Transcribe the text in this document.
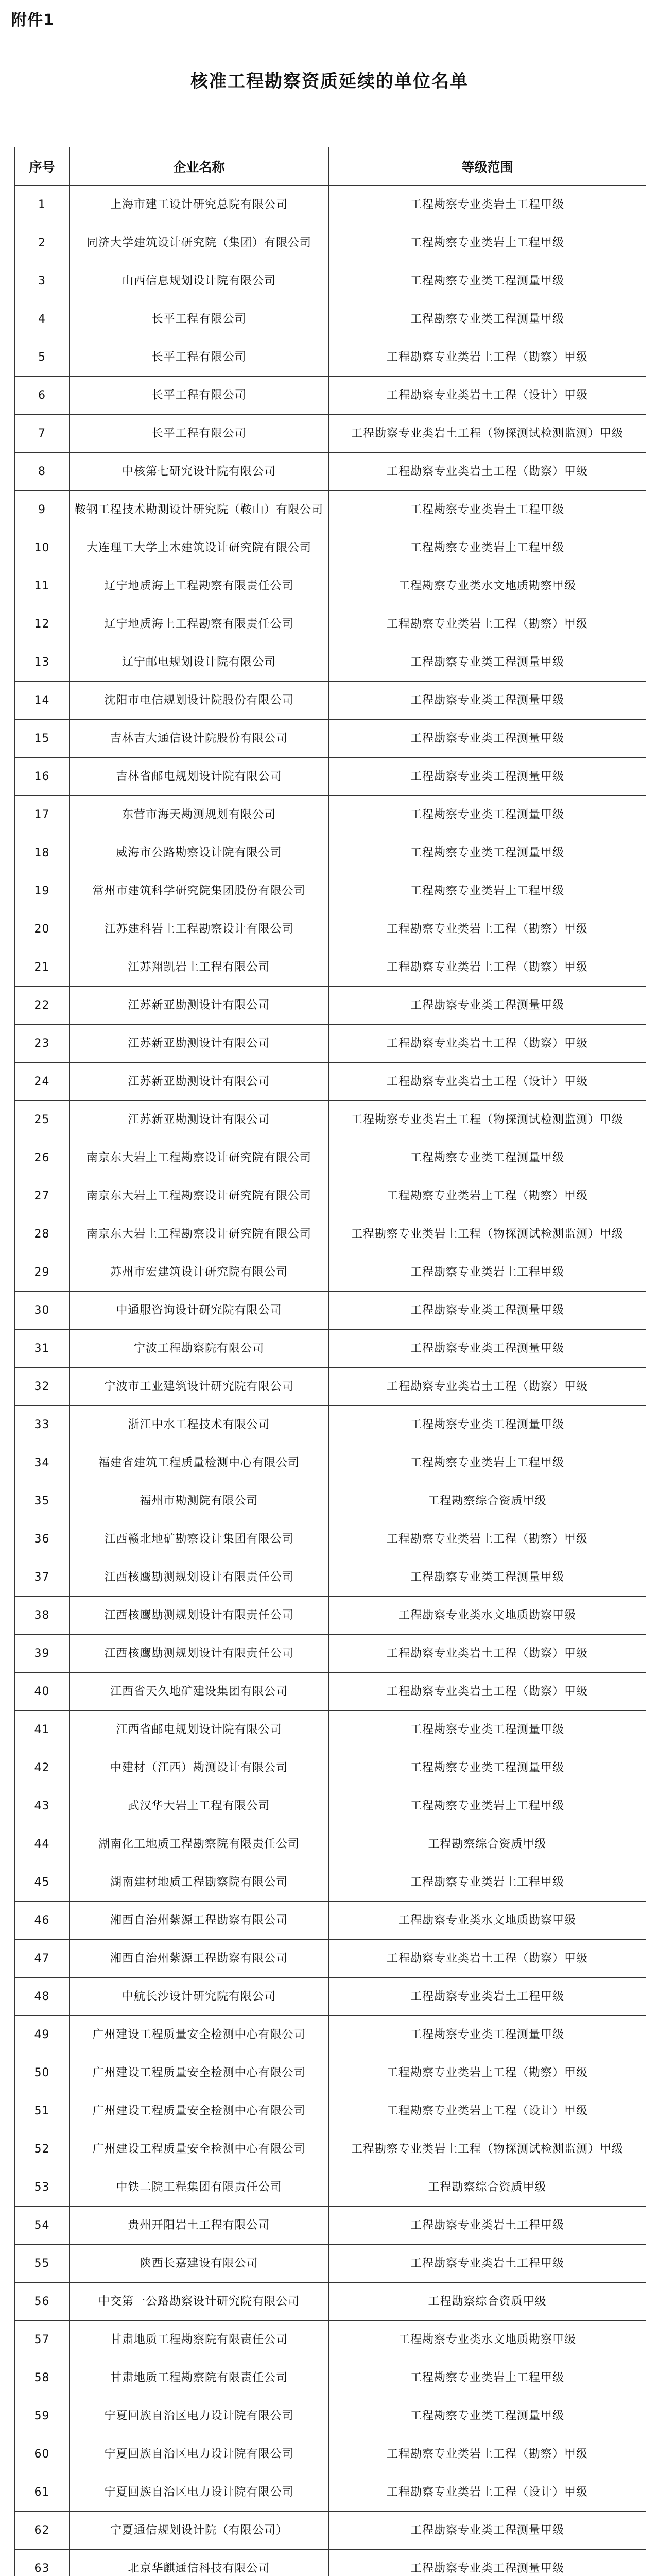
附件1
核准工程勘察资质延续的单位名单
序号	企业名称	等级范围
1	上海市建工设计研究总院有限公司	工程勘察专业类岩土工程甲级
2	同济大学建筑设计研究院（集团）有限公司	工程勘察专业类岩土工程甲级
3	山西信息规划设计院有限公司	工程勘察专业类工程测量甲级
4	长平工程有限公司	工程勘察专业类工程测量甲级
5	长平工程有限公司	工程勘察专业类岩土工程（勘察）甲级
6	长平工程有限公司	工程勘察专业类岩土工程（设计）甲级
7	长平工程有限公司	工程勘察专业类岩土工程（物探测试检测监测）甲级
8	中核第七研究设计院有限公司	工程勘察专业类岩土工程（勘察）甲级
9	鞍钢工程技术勘测设计研究院（鞍山）有限公司	工程勘察专业类岩土工程甲级
10	大连理工大学土木建筑设计研究院有限公司	工程勘察专业类岩土工程甲级
11	辽宁地质海上工程勘察有限责任公司	工程勘察专业类水文地质勘察甲级
12	辽宁地质海上工程勘察有限责任公司	工程勘察专业类岩土工程（勘察）甲级
13	辽宁邮电规划设计院有限公司	工程勘察专业类工程测量甲级
14	沈阳市电信规划设计院股份有限公司	工程勘察专业类工程测量甲级
15	吉林吉大通信设计院股份有限公司	工程勘察专业类工程测量甲级
16	吉林省邮电规划设计院有限公司	工程勘察专业类工程测量甲级
17	东营市海天勘测规划有限公司	工程勘察专业类工程测量甲级
18	威海市公路勘察设计院有限公司	工程勘察专业类工程测量甲级
19	常州市建筑科学研究院集团股份有限公司	工程勘察专业类岩土工程甲级
20	江苏建科岩土工程勘察设计有限公司	工程勘察专业类岩土工程（勘察）甲级
21	江苏翔凯岩土工程有限公司	工程勘察专业类岩土工程（勘察）甲级
22	江苏新亚勘测设计有限公司	工程勘察专业类工程测量甲级
23	江苏新亚勘测设计有限公司	工程勘察专业类岩土工程（勘察）甲级
24	江苏新亚勘测设计有限公司	工程勘察专业类岩土工程（设计）甲级
25	江苏新亚勘测设计有限公司	工程勘察专业类岩土工程（物探测试检测监测）甲级
26	南京东大岩土工程勘察设计研究院有限公司	工程勘察专业类工程测量甲级
27	南京东大岩土工程勘察设计研究院有限公司	工程勘察专业类岩土工程（勘察）甲级
28	南京东大岩土工程勘察设计研究院有限公司	工程勘察专业类岩土工程（物探测试检测监测）甲级
29	苏州市宏建筑设计研究院有限公司	工程勘察专业类岩土工程甲级
30	中通服咨询设计研究院有限公司	工程勘察专业类工程测量甲级
31	宁波工程勘察院有限公司	工程勘察专业类工程测量甲级
32	宁波市工业建筑设计研究院有限公司	工程勘察专业类岩土工程（勘察）甲级
33	浙江中水工程技术有限公司	工程勘察专业类工程测量甲级
34	福建省建筑工程质量检测中心有限公司	工程勘察专业类岩土工程甲级
35	福州市勘测院有限公司	工程勘察综合资质甲级
36	江西赣北地矿勘察设计集团有限公司	工程勘察专业类岩土工程（勘察）甲级
37	江西核鹰勘测规划设计有限责任公司	工程勘察专业类工程测量甲级
38	江西核鹰勘测规划设计有限责任公司	工程勘察专业类水文地质勘察甲级
39	江西核鹰勘测规划设计有限责任公司	工程勘察专业类岩土工程（勘察）甲级
40	江西省天久地矿建设集团有限公司	工程勘察专业类岩土工程（勘察）甲级
41	江西省邮电规划设计院有限公司	工程勘察专业类工程测量甲级
42	中建材（江西）勘测设计有限公司	工程勘察专业类工程测量甲级
43	武汉华大岩土工程有限公司	工程勘察专业类岩土工程甲级
44	湖南化工地质工程勘察院有限责任公司	工程勘察综合资质甲级
45	湖南建材地质工程勘察院有限公司	工程勘察专业类岩土工程甲级
46	湘西自治州紫源工程勘察有限公司	工程勘察专业类水文地质勘察甲级
47	湘西自治州紫源工程勘察有限公司	工程勘察专业类岩土工程（勘察）甲级
48	中航长沙设计研究院有限公司	工程勘察专业类岩土工程甲级
49	广州建设工程质量安全检测中心有限公司	工程勘察专业类工程测量甲级
50	广州建设工程质量安全检测中心有限公司	工程勘察专业类岩土工程（勘察）甲级
51	广州建设工程质量安全检测中心有限公司	工程勘察专业类岩土工程（设计）甲级
52	广州建设工程质量安全检测中心有限公司	工程勘察专业类岩土工程（物探测试检测监测）甲级
53	中铁二院工程集团有限责任公司	工程勘察综合资质甲级
54	贵州开阳岩土工程有限公司	工程勘察专业类岩土工程甲级
55	陕西长嘉建设有限公司	工程勘察专业类岩土工程甲级
56	中交第一公路勘察设计研究院有限公司	工程勘察综合资质甲级
57	甘肃地质工程勘察院有限责任公司	工程勘察专业类水文地质勘察甲级
58	甘肃地质工程勘察院有限责任公司	工程勘察专业类岩土工程甲级
59	宁夏回族自治区电力设计院有限公司	工程勘察专业类工程测量甲级
60	宁夏回族自治区电力设计院有限公司	工程勘察专业类岩土工程（勘察）甲级
61	宁夏回族自治区电力设计院有限公司	工程勘察专业类岩土工程（设计）甲级
62	宁夏通信规划设计院（有限公司）	工程勘察专业类工程测量甲级
63	北京华麒通信科技有限公司	工程勘察专业类工程测量甲级
